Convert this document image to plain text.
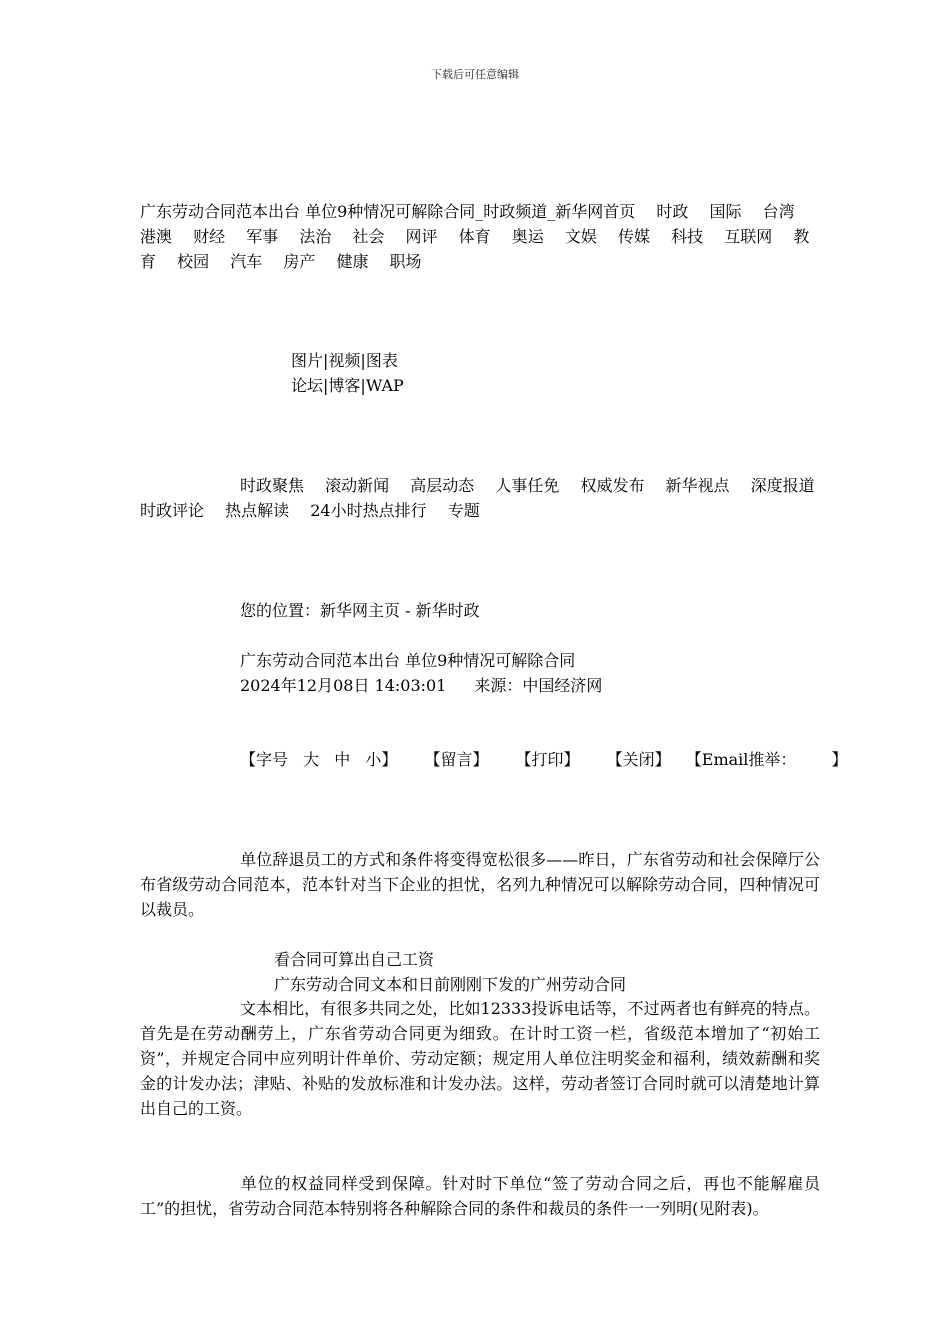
下载后可任意编辑
广东劳动合同范本出台 单位9种情况可解除合同_时政频道_新华网首页 时政 国际 台湾 港澳 财经 军事 法治 社会 网评 体育 奥运 文娱 传媒 科技 互联网 教育 校园 汽车 房产 健康 职场
图片|视频|图表
论坛|博客|WAP
时政聚焦 滚动新闻 高层动态 人事任免 权威发布 新华视点 深度报道
时政评论 热点解读 24小时热点排行 专题
您的位置：新华网主页 - 新华时政
广东劳动合同范本出台 单位9种情况可解除合同
2024年12月08日 14:03:01 来源：中国经济网
【字号 大 中 小】 【留言】 【打印】 【关闭】 【Email推举： 】
单位辞退员工的方式和条件将变得宽松很多——昨日，广东省劳动和社会保障厅公布省级劳动合同范本，范本针对当下企业的担忧，名列九种情况可以解除劳动合同，四种情况可以裁员。
看合同可算出自己工资
广东劳动合同文本和日前刚刚下发的广州劳动合同
文本相比，有很多共同之处，比如12333投诉电话等，不过两者也有鲜亮的特点。首先是在劳动酬劳上，广东省劳动合同更为细致。在计时工资一栏，省级范本增加了“初始工资”，并规定合同中应列明计件单价、劳动定额；规定用人单位注明奖金和福利，绩效薪酬和奖金的计发办法；津贴、补贴的发放标准和计发办法。这样，劳动者签订合同时就可以清楚地计算出自己的工资。
单位的权益同样受到保障。针对时下单位“签了劳动合同之后，再也不能解雇员工”的担忧，省劳动合同范本特别将各种解除合同的条件和裁员的条件一一列明(见附表)。
